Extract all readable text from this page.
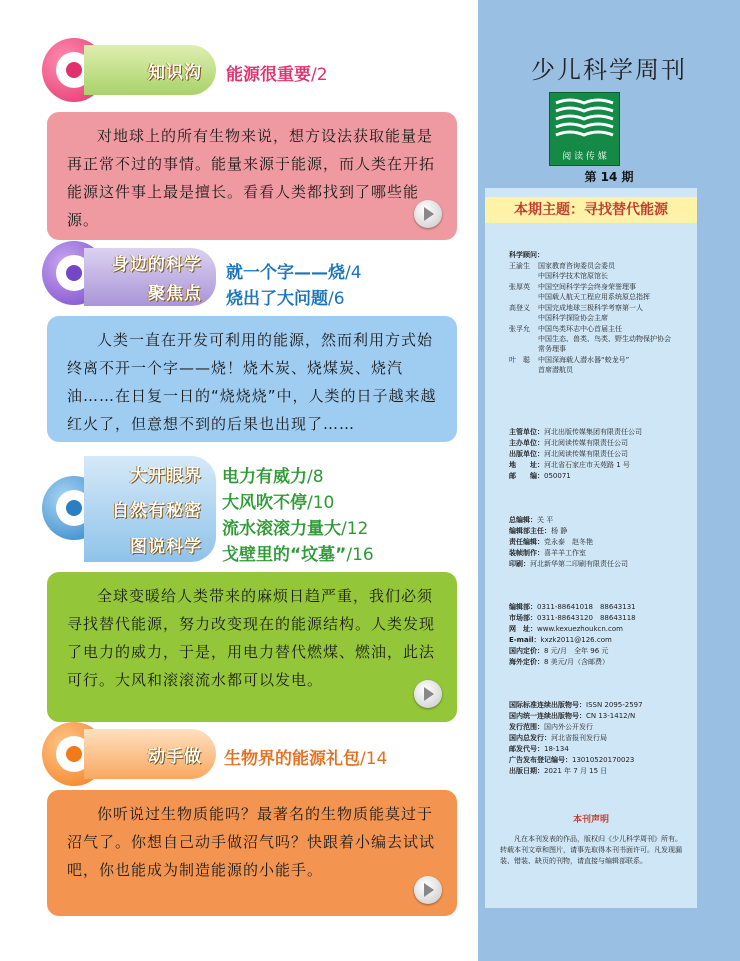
知识沟 能源很重要/2

对地球上的所有生物来说，想方设法获取能量是再正常不过的事情。能量来源于能源，而人类在开拓能源这件事上最是擅长。看看人类都找到了哪些能源。

身边的科学
聚焦点
就一个字——烧/4
烧出了大问题/6

人类一直在开发可利用的能源，然而利用方式始终离不开一个字——烧！烧木炭、烧煤炭、烧汽油……在日复一日的“烧烧烧”中，人类的日子越来越红火了，但意想不到的后果也出现了……

大开眼界
自然有秘密
图说科学
电力有威力/8
大风吹不停/10
流水滚滚力量大/12
戈壁里的“坟墓”/16

全球变暖给人类带来的麻烦日趋严重，我们必须寻找替代能源，努力改变现在的能源结构。人类发现了电力的威力，于是，用电力替代燃煤、燃油，此法可行。大风和滚滚流水都可以发电。

动手做 生物界的能源礼包/14

你听说过生物质能吗？最著名的生物质能莫过于沼气了。你想自己动手做沼气吗？快跟着小编去试试吧，你也能成为制造能源的小能手。

少儿科学周刊
阅 读 传 媒
第 14 期
本期主题：寻找替代能源
科学顾问：
王渝生 国家教育咨询委员会委员
中国科学技术馆原馆长
张厚英 中国空间科学学会终身荣誉理事
中国载人航天工程应用系统原总指挥
高登义 中国完成地球三极科学考察第一人
中国科学探险协会主席
张孚允 中国鸟类环志中心首届主任
中国生态、兽类、鸟类、野生动物保护协会
常务理事
叶　聪 中国深海载人潜水器“蛟龙号”
首席潜航员
主管单位：河北出版传媒集团有限责任公司
主办单位：河北阅读传媒有限责任公司
出版单位：河北阅读传媒有限责任公司
地　　址：河北省石家庄市天苑路 1 号
邮　　编：050071
总编辑：关 平
编辑部主任：杨 静
责任编辑：党永泰　赵冬艳
装帧制作：喜羊羊工作室
印刷：河北新华第二印刷有限责任公司
编辑部：0311-88641018　88643131
市场部：0311-88643120　88643118
网　址：www.kexuezhoukcn.com
E-mail：kxzk2011@126.com
国内定价：8 元/月　全年 96 元
海外定价：8 美元/月（含邮费）
国际标准连续出版物号：ISSN 2095-2597
国内统一连续出版物号：CN 13-1412/N
发行范围：国内外公开发行
国内总发行：河北省报刊发行局
邮发代号：18-134
广告发布登记编号：13010520170023
出版日期：2021 年 7 月 15 日
本刊声明
凡在本刊发表的作品，版权归《少儿科学周刊》所有。转载本刊文章和图片，请事先取得本刊书面许可。凡发现漏装、错装、缺页的刊物，请直接与编辑部联系。
